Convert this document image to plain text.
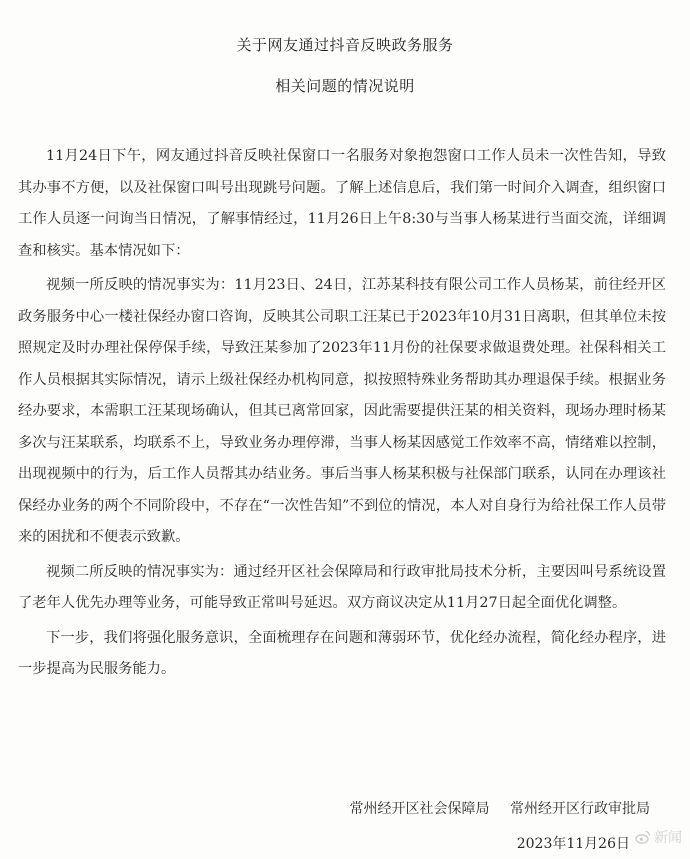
关于网友通过抖音反映政务服务
相关问题的情况说明

11月24日下午，网友通过抖音反映社保窗口一名服务对象抱怨窗口工作人员未一次性告知，导致其办事不方便，以及社保窗口叫号出现跳号问题。了解上述信息后，我们第一时间介入调查，组织窗口工作人员逐一问询当日情况，了解事情经过，11月26日上午8:30与当事人杨某进行当面交流，详细调查和核实。基本情况如下：

视频一所反映的情况事实为：11月23日、24日，江苏某科技有限公司工作人员杨某，前往经开区政务服务中心一楼社保经办窗口咨询，反映其公司职工汪某已于2023年10月31日离职，但其单位未按照规定及时办理社保停保手续，导致汪某参加了2023年11月份的社保要求做退费处理。社保科相关工作人员根据其实际情况，请示上级社保经办机构同意，拟按照特殊业务帮助其办理退保手续。根据业务经办要求，本需职工汪某现场确认，但其已离常回家，因此需要提供汪某的相关资料，现场办理时杨某多次与汪某联系，均联系不上，导致业务办理停滞，当事人杨某因感觉工作效率不高，情绪难以控制，出现视频中的行为，后工作人员帮其办结业务。事后当事人杨某积极与社保部门联系，认同在办理该社保经办业务的两个不同阶段中，不存在“一次性告知”不到位的情况，本人对自身行为给社保工作人员带来的困扰和不便表示致歉。

视频二所反映的情况事实为：通过经开区社会保障局和行政审批局技术分析，主要因叫号系统设置了老年人优先办理等业务，可能导致正常叫号延迟。双方商议决定从11月27日起全面优化调整。

下一步，我们将强化服务意识，全面梳理存在问题和薄弱环节，优化经办流程，简化经办程序，进一步提高为民服务能力。

常州经开区社会保障局 常州经开区行政审批局
2023年11月26日 新闻
